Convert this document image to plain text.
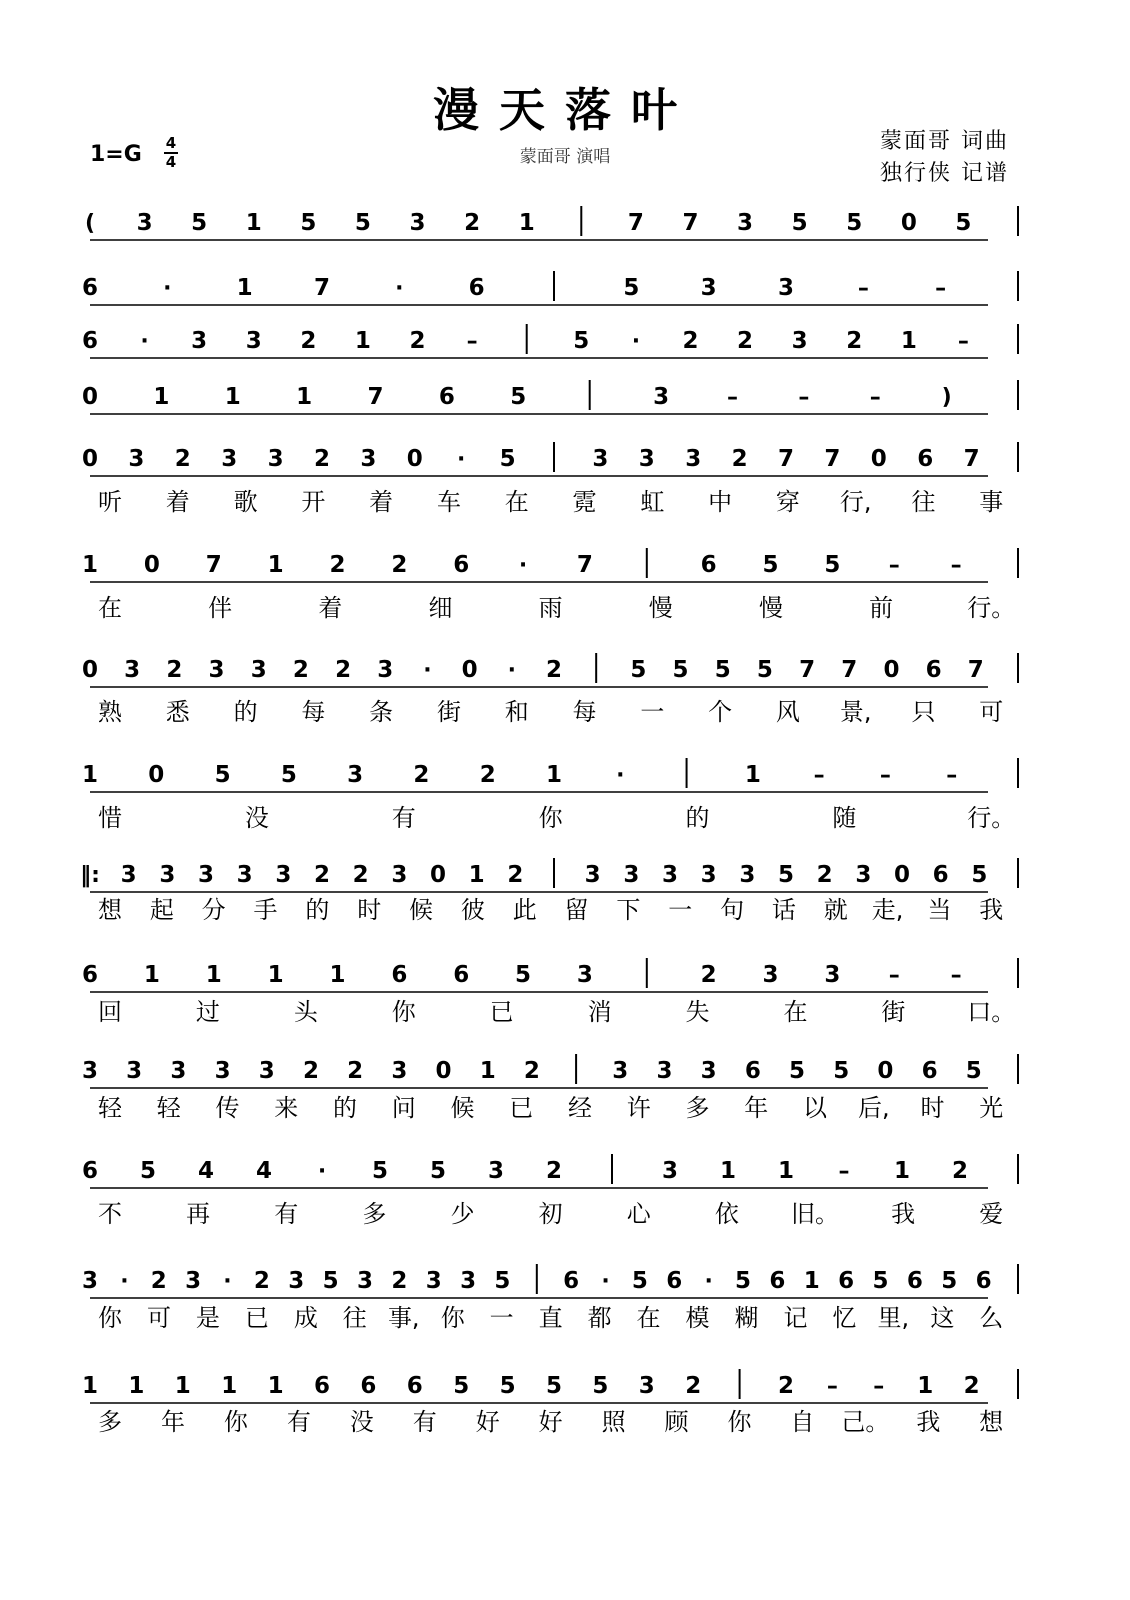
漫天落叶
蒙面哥 演唱
蒙面哥 词曲
独行侠 记谱
1=G 4
4
( 3 5 1 5 5 3 2 1	7 7 3 5 5 0 5
6	·	1	7	·	6	5	3	3	–	–
6 · 3 3 2 1 2 –	5 · 2 2 3 2 1 –
0 1 1 1 7 6 5	3	–	–	–	)
0 3 2 3 3 2 3 0 · 5	3 3 3 2 7 7 0 6 7
听 着 歌 开 着 车 在 霓 虹 中 穿 行, 往 事
1 0 7 1 2 2 6 · 7	6 5 5 – –
在	伴	着	细	雨	慢	慢	前	行。
0 3 2 3 3 2 2 3 · 0 · 2	5 5 5 5 7 7 0 6 7
熟 悉 的 每 条 街 和 每 一 个 风 景, 只 可
1 0 5 5 3 2 2 1 ·	1 –	–	–
惜	没	有	你	的	随	行。
‖: 3 3 3 3 3 2 2 3 0 1 2	3 3 3 3 3 5 2 3 0 6 5
想 起 分 手 的 时 候 彼 此 留 下 一 句 话 就 走, 当 我
6 1 1 1 1 6 6 5 3	2 3 3 – –
回	过	头	你	已	消	失	在	街	口。
3 3 3 3 3 2 2 3 0 1 2	3 3 3 6 5 5 0 6 5
轻 轻 传 来 的 问 候 已 经 许 多 年 以 后, 时 光
6 5 4 4 · 5 5 3 2	3 1 1 – 1 2
不	再	有	多	少	初	心	依 旧。 我	爱
3 · 2 3 · 2 3 5 3 2 3 3 5 6 · 5 6 · 5 6 1 6 5 6 5 6
你 可 是 已 成 往 事, 你 一 直 都 在 模 糊 记 忆 里, 这 么
1 1 1 1 1 6 6 6 5 5 5 5 3 2	2 – – 1 2
多 年 你 有 没 有 好 好 照 顾 你 自 己。 我 想
